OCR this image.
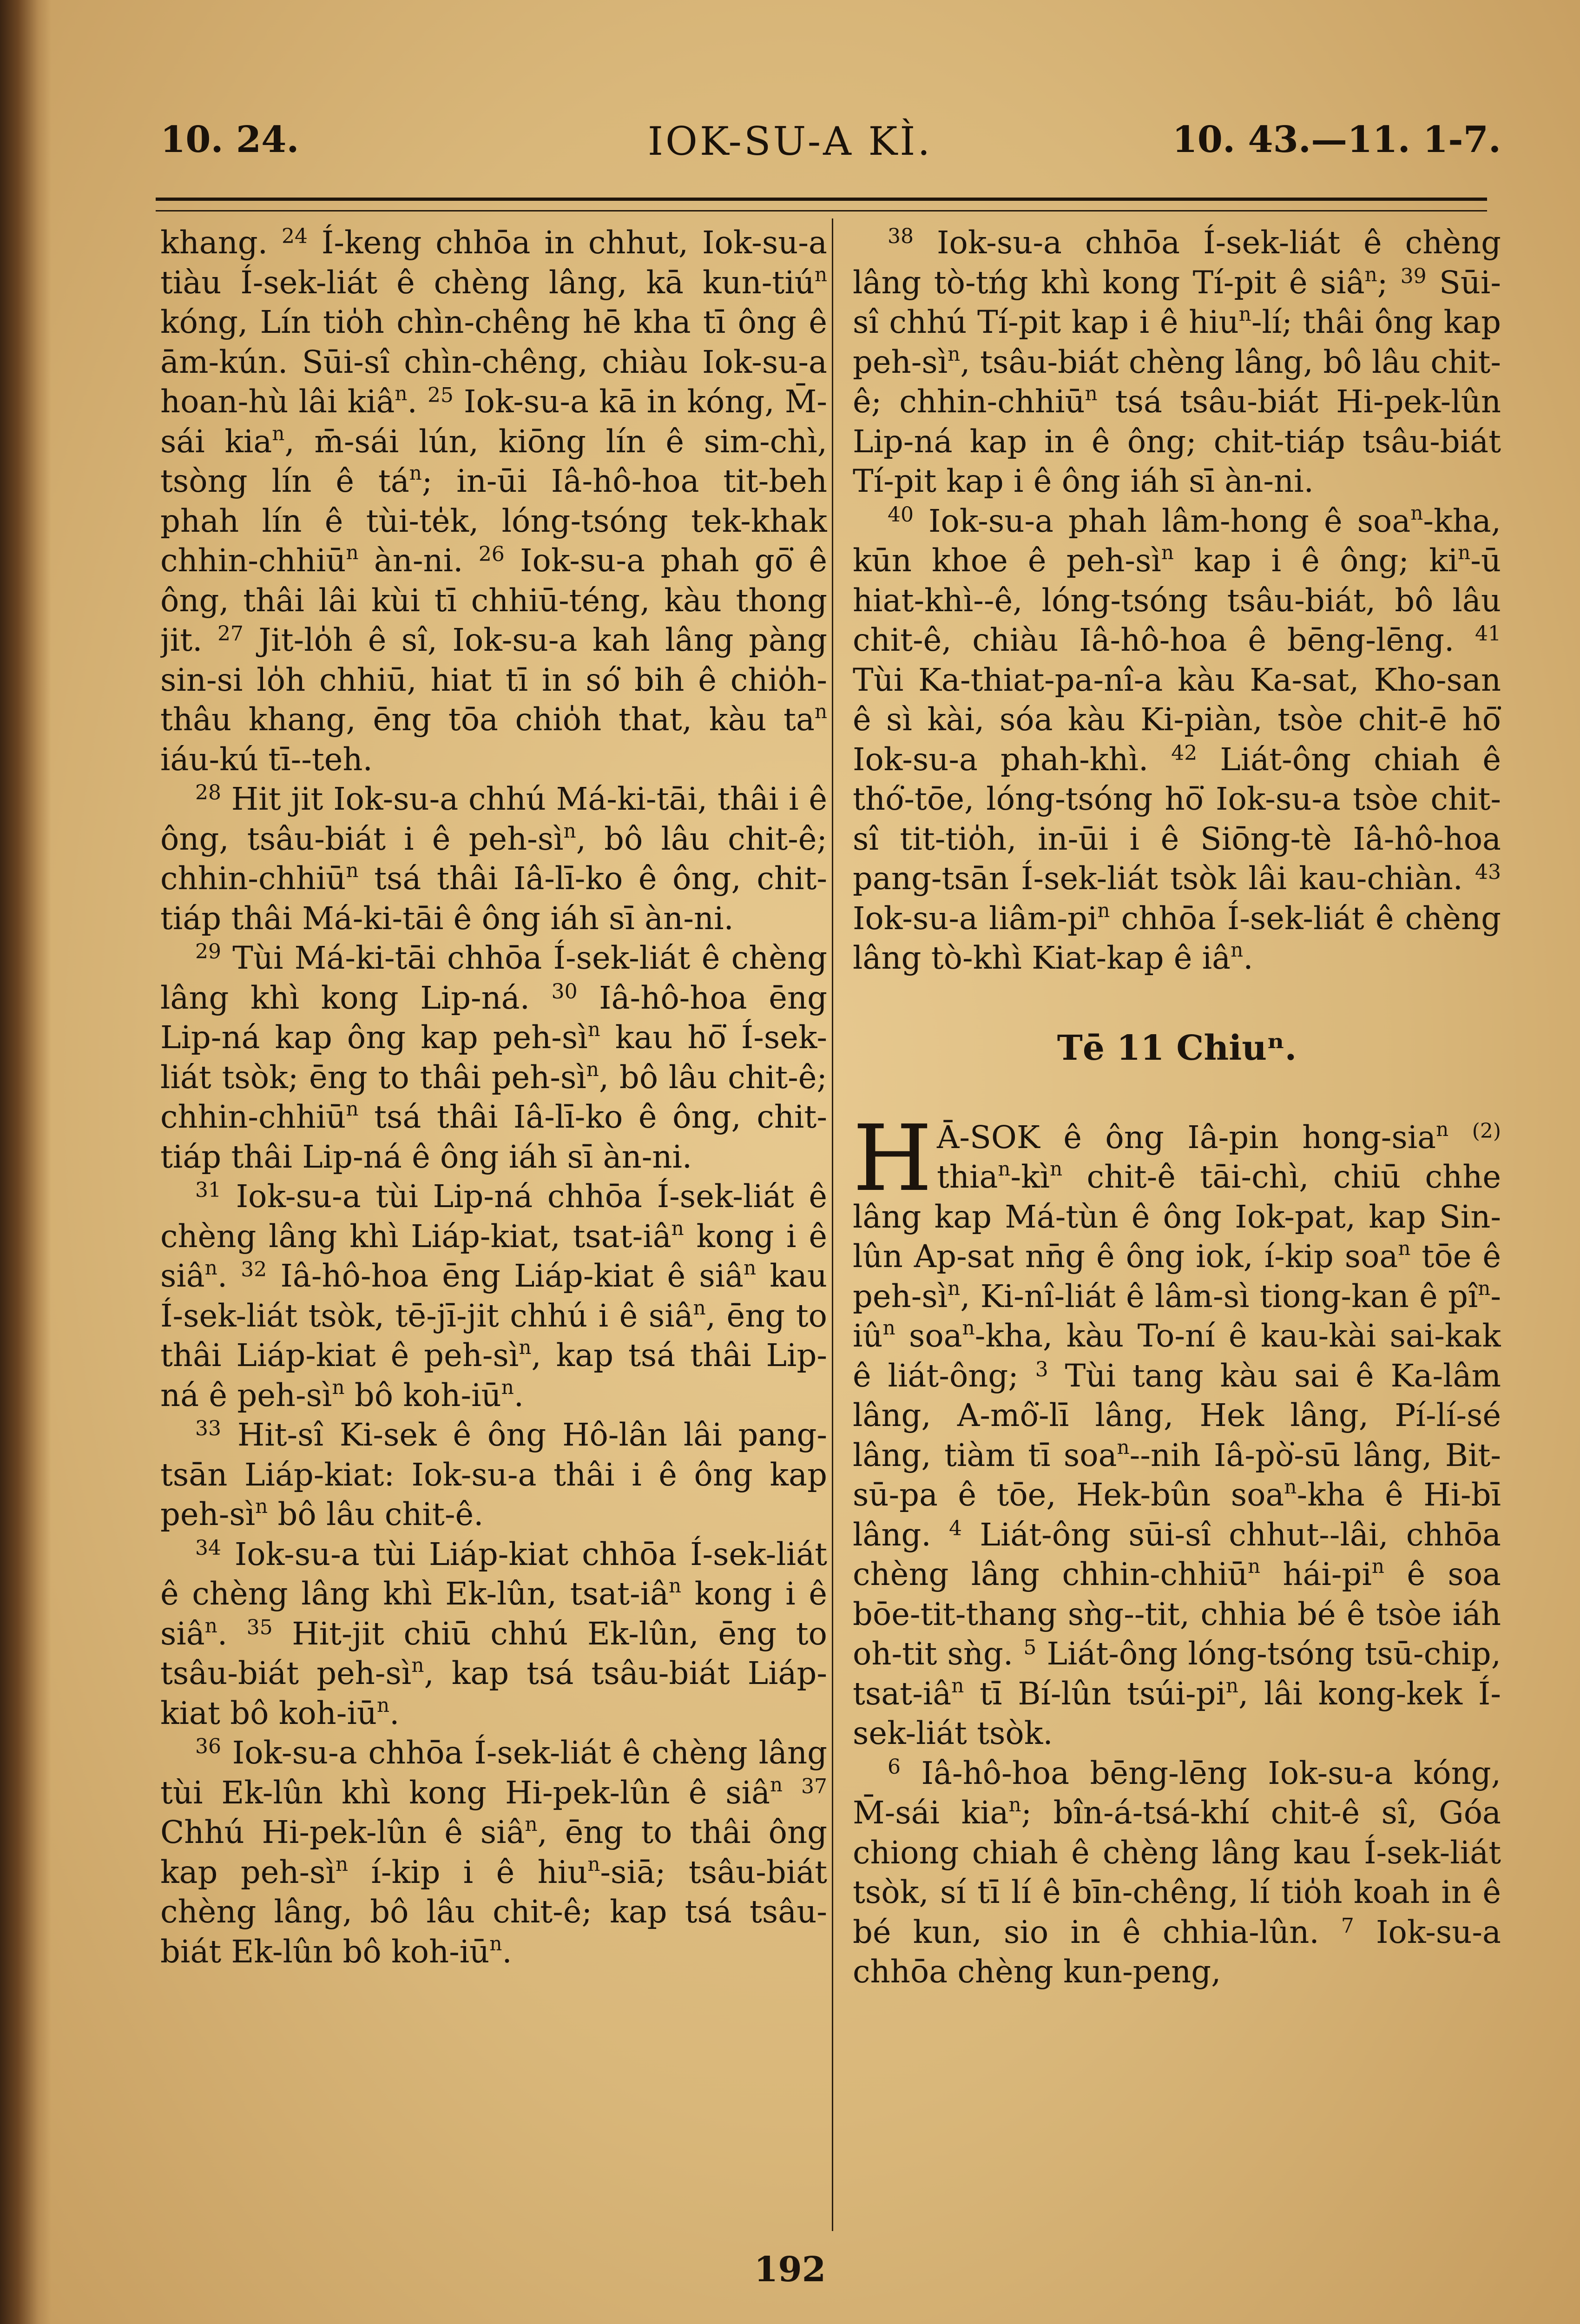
10. 24.	IOK-SU-A KÌ.	10. 43.—11. 1-7.

khang. $^{24}$ Í-keng chhōa in chhut, Iok-su-a tiàu Í-sek-liát ê chèng lâng, kā kun-tiú$^n$ kóng, Lín tio̍h chìn-chêng hē kha tī ông ê ām-kún. Sūi-sî chìn-chêng, chiàu Iok-su-a hoan-hù lâi kiâ$^n$. $^{25}$ Iok-su-a kā in kóng, M̄-sái kia$^n$, m̄-sái lún, kiōng lín ê sim-chì, tsòng lín ê $tá^n$; in-ūi Iâ-hô-hoa tit-beh phah lín ê tùi-te̍k, lóng-tsóng tek-khak chhin-chhiū$^n$ àn-ni. $^{26}$ Iok-su-a phah gō͘ ê ông, thâi lâi kùi tī chhiū-téng, kàu thong jit. $^{27}$ Jit-lo̍h ê sî, Iok-su-a kah lâng pàng sin-si lo̍h chhiū, hiat tī in só͘ bih ê chio̍h-thâu khang, ēng tōa chio̍h that, kàu $ta^n$ iáu-kú tī--teh.

$^{28}$ Hit jit Iok-su-a chhú Má-ki-tāi, thâi i ê ông, tsâu-biát i ê peh-$sì^n$, bô lâu chit-ê; chhin-chhiū$^n$ tsá thâi Iâ-lī-ko ê ông, chit-tiáp thâi Má-ki-tāi ê ông iáh sī àn-ni.

$^{29}$ Tùi Má-ki-tāi chhōa Í-sek-liát ê chèng lâng khì kong Lip-ná. $^{30}$ Iâ-hô-hoa ēng Lip-ná kap ông kap peh-$sì^n$ kau hō͘ Í-sek-liát tsòk; ēng to thâi peh-$sì^n$, bô lâu chit-ê; chhin-chhiū$^n$ tsá thâi Iâ-lī-ko ê ông, chit-tiáp thâi Lip-ná ê ông iáh sī àn-ni.

$^{31}$ Iok-su-a tùi Lip-ná chhōa Í-sek-liát ê chèng lâng khì Liáp-kiat, tsat-$iâ^n$ kong i ê siâ$^n$. $^{32}$ Iâ-hô-hoa ēng Liáp-kiat ê siâ$^n$ kau Í-sek-liát tsòk, tē-jī-jit chhú i ê siâ$^n$, ēng to thâi Liáp-kiat ê peh-$sì^n$, kap tsá thâi Lip-ná ê peh-$sì^n$ bô koh-$iū^n$.

$^{33}$ Hit-sî Ki-sek ê ông Hô-lân lâi pang-tsān Liáp-kiat: Iok-su-a thâi i ê ông kap peh-$sì^n$ bô lâu chit-ê.

$^{34}$ Iok-su-a tùi Liáp-kiat chhōa Í-sek-liát ê chèng lâng khì Ek-lûn, tsat-$iâ^n$ kong i ê siâ$^n$. $^{35}$ Hit-jit chiū chhú Ek-lûn, ēng to tsâu-biát peh-$sì^n$, kap tsá tsâu-biát Liáp-kiat bô koh-$iū^n$.

$^{36}$ Iok-su-a chhōa Í-sek-liát ê chèng lâng tùi Ek-lûn khì kong Hi-pek-lûn ê siâ$^n$ $^{37}$ Chhú Hi-pek-lûn ê siâ$^n$, ēng to thâi ông kap peh-$sì^n$ í-kip i ê hiu$^n$-siā; tsâu-biát chèng lâng, bô lâu chit-ê; kap tsá tsâu-biát Ek-lûn bô koh-$iū^n$.

$^{38}$ Iok-su-a chhōa Í-sek-liát ê chèng lâng tò-tńg khì kong Tí-pit ê siâ$^n$; $^{39}$ Sūi-sî chhú Tí-pit kap i ê hiu$^n$-lí; thâi ông kap peh-$sì^n$, tsâu-biát chèng lâng, bô lâu chit-ê; chhin-chhiū$^n$ tsá tsâu-biát Hi-pek-lûn Lip-ná kap in ê ông; chit-tiáp tsâu-biát Tí-pit kap i ê ông iáh sī àn-ni.

$^{40}$ Iok-su-a phah lâm-hong ê soa$^n$-kha, kūn khoe ê peh-$sì^n$ kap i ê ông; $ki^n-ū$ hiat-khì--ê, lóng-tsóng tsâu-biát, bô lâu chit-ê, chiàu Iâ-hô-hoa ê bēng-lēng. $^{41}$ Tùi Ka-thiat-pa-nî-a kàu Ka-sat, Kho-san ê sì kài, sóa kàu Ki-piàn, tsòe chit-ē hō͘ Iok-su-a phah-khì. $^{42}$ Liát-ông chiah ê thó͘-tōe, lóng-tsóng hō͘ Iok-su-a tsòe chit-sî tit-tio̍h, in-ūi i ê Siōng-tè Iâ-hô-hoa pang-tsān Í-sek-liát tsòk lâi kau-chiàn. $^{43}$ Iok-su-a liâm-$pi^n$ chhōa Í-sek-liát ê chèng lâng tò-khì Kiat-kap ê $iâ^n$.

Tē 11 Chiuⁿ.

H Ā-SOK ê ông Iâ-pin hong-sia$^n$ $^{(2)}$ $thia^n-kì^n$ chit-ê tāi-chì, chiū chhe lâng kap Má-tùn ê ông Iok-pat, kap Sin-lûn Ap-sat nn̄g ê ông iok, í-kip soa$^n$ tōe ê peh-$sì^n$, Ki-nî-liát ê lâm-sì tiong-kan ê $pî^n-iû^n$ soa$^n$-kha, kàu To-ní ê kau-kài sai-kak ê liát-ông; $^3$ Tùi tang kàu sai ê Ka-lâm lâng, A-mô͘-lī lâng, Hek lâng, Pí-lí-sé lâng, tiàm tī soa$^n$--nih Iâ-pò͘-sū lâng, Bit-sū-pa ê tōe, Hek-bûn soa$^n$-kha ê Hi-bī lâng. $^4$ Liát-ông sūi-sî chhut--lâi, chhōa chèng lâng chhin-chhiū$^n$ hái-$pi^n$ ê soa bōe-tit-thang sǹg--tit, chhia bé ê tsòe iáh oh-tit sǹg. $^5$ Liát-ông lóng-tsóng tsū-chip, tsat-$iâ^n$ tī Bí-lûn tsúi-$pi^n$, lâi kong-kek Í-sek-liát tsòk.

$^6$ Iâ-hô-hoa bēng-lēng Iok-su-a kóng, M̄-sái kia$^n$; bîn-á-tsá-khí chit-ê sî, Góa chiong chiah ê chèng lâng kau Í-sek-liát tsòk, sí tī lí ê bīn-chêng, lí tio̍h koah in ê bé kun, sio in ê chhia-lûn. $^7$ Iok-su-a chhōa chèng kun-peng,

192
